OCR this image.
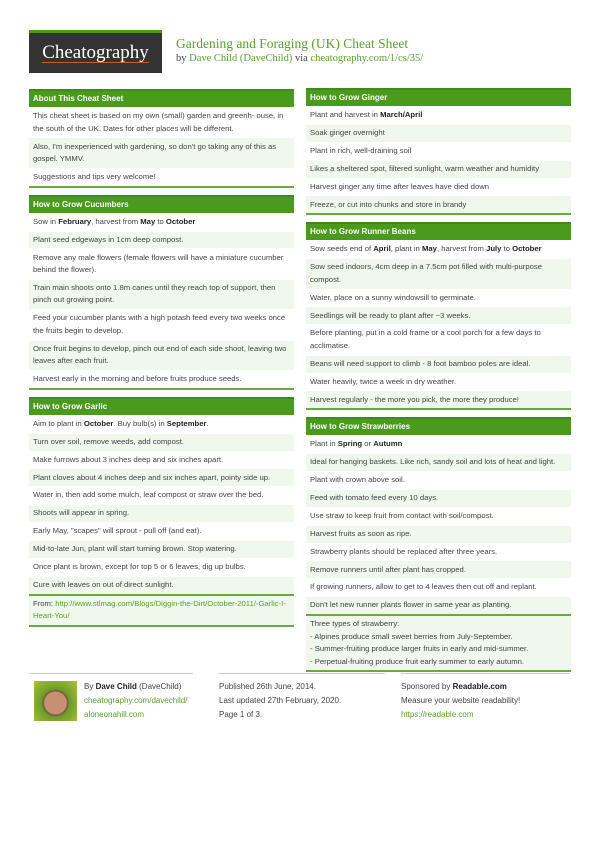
Cheatography Gardening and Foraging (UK) Cheat Sheet
by Dave Child (DaveChild) via cheatography.com/1/cs/35/
About This Cheat Sheet
This cheat sheet is based on my own (small) garden and greenh- ouse, in the south of the UK. Dates for other places will be different.
Also, I'm inexperienced with gardening, so don't go taking any of this as gospel. YMMV.
Suggestions and tips very welcome!
How to Grow Cucumbers
Sow in February, harvest from May to October
Plant seed edgeways in 1cm deep compost.
Remove any male flowers (female flowers will have a miniature cucumber behind the flower).
Train main shoots onto 1.8m canes until they reach top of support, then pinch out growing point.
Feed your cucumber plants with a high potash feed every two weeks once the fruits begin to develop.
Once fruit begins to develop, pinch out end of each side shoot, leaving two leaves after each fruit.
Harvest early in the morning and before fruits produce seeds.
How to Grow Garlic
Aim to plant in October. Buy bulb(s) in September.
Turn over soil, remove weeds, add compost.
Make furrows about 3 inches deep and six inches apart.
Plant cloves about 4 inches deep and six inches apart, pointy side up.
Water in, then add some mulch, leaf compost or straw over the bed.
Shoots will appear in spring.
Early May, "scapes" will sprout - pull off (and eat).
Mid-to-late Jun, plant will start turning brown. Stop watering.
Once plant is brown, except for top 5 or 6 leaves, dig up bulbs.
Cure with leaves on out of direct sunlight.
From: http://www.stlmag.com/Blogs/Diggin-the-Dirt/October-2011/-Garlic-I-Heart-You/
How to Grow Ginger
Plant and harvest in March/April
Soak ginger overnight
Plant in rich, well-draining soil
Likes a sheltered spot, filtered sunlight, warm weather and humidity
Harvest ginger any time after leaves have died down
Freeze, or cut into chunks and store in brandy
How to Grow Runner Beans
Sow seeds end of April, plant in May, harvest from July to October
Sow seed indoors, 4cm deep in a 7.5cm pot filled with multi-purpose compost.
Water, place on a sunny windowsill to germinate.
Seedlings will be ready to plant after ~3 weeks.
Before planting, put in a cold frame or a cool porch for a few days to acclimatise.
Beans will need support to climb - 8 foot bamboo poles are ideal.
Water heavily, twice a week in dry weather.
Harvest regularly - the more you pick, the more they produce!
How to Grow Strawberries
Plant in Spring or Autumn
Ideal for hanging baskets. Like rich, sandy soil and lots of heat and light.
Plant with crown above soil.
Feed with tomato feed every 10 days.
Use straw to keep fruit from contact with soil/compost.
Harvest fruits as soon as ripe.
Strawberry plants should be replaced after three years.
Remove runners until after plant has cropped.
If growing runners, allow to get to 4 leaves then cut off and replant.
Don't let new runner plants flower in same year as planting.
Three types of strawberry:
- Alpines produce small sweet berries from July-September.
- Summer-fruiting produce larger fruits in early and mid-summer.
- Perpetual-fruiting produce fruit early summer to early autumn.
By Dave Child (DaveChild)
cheatography.com/davechild/
aloneonahill.com
Published 26th June, 2014.
Last updated 27th February, 2020.
Page 1 of 3.
Sponsored by Readable.com
Measure your website readability!
https://readable.com
